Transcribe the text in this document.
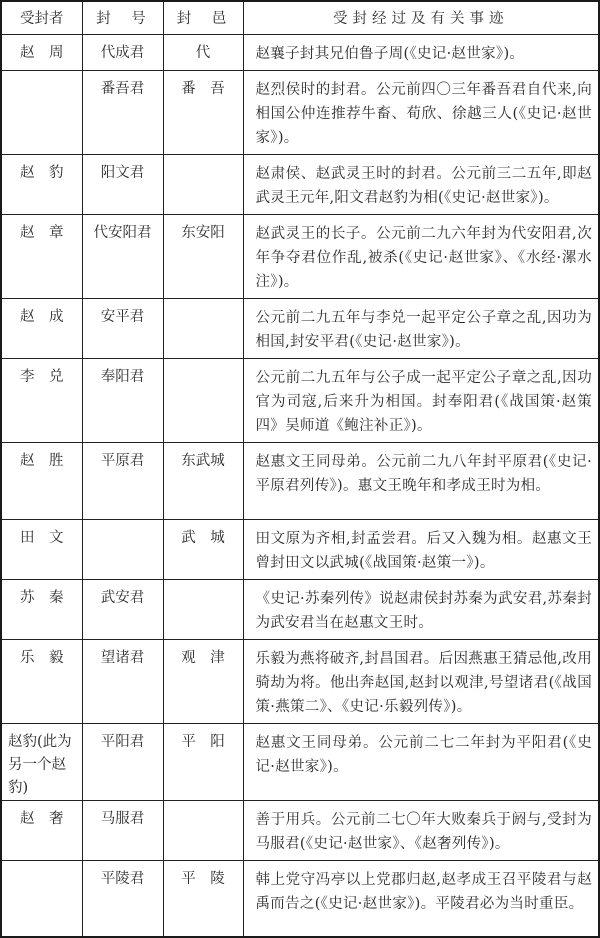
受封者	封　号	封　邑	受封经过及有关事迹
赵　周	代成君	代	赵襄子封其兄伯鲁子周(《史记·赵世家》)。
	番吾君	番　吾	赵烈侯时的封君。公元前四〇三年番吾君自代来,向相国公仲连推荐牛畜、荀欣、徐越三人(《史记·赵世家》)。
赵　豹	阳文君		赵肃侯、赵武灵王时的封君。公元前三二五年,即赵武灵王元年,阳文君赵豹为相(《史记·赵世家》)。
赵　章	代安阳君	东安阳	赵武灵王的长子。公元前二九六年封为代安阳君,次年争夺君位作乱,被杀(《史记·赵世家》、《水经·漯水注》)。
赵　成	安平君		公元前二九五年与李兑一起平定公子章之乱,因功为相国,封安平君(《史记·赵世家》)。
李　兑	奉阳君		公元前二九五年与公子成一起平定公子章之乱,因功官为司寇,后来升为相国。封奉阳君(《战国策·赵策四》吴师道《鲍注补正》)。
赵　胜	平原君	东武城	赵惠文王同母弟。公元前二九八年封平原君(《史记·平原君列传》)。惠文王晚年和孝成王时为相。
田　文		武　城	田文原为齐相,封孟尝君。后又入魏为相。赵惠文王曾封田文以武城(《战国策·赵策一》)。
苏　秦	武安君		《史记·苏秦列传》说赵肃侯封苏秦为武安君,苏秦封为武安君当在赵惠文王时。
乐　毅	望诸君	观　津	乐毅为燕将破齐,封昌国君。后因燕惠王猜忌他,改用骑劫为将。他出奔赵国,赵封以观津,号望诸君(《战国策·燕策二》、《史记·乐毅列传》)。
赵豹(此为另一个赵豹)	平阳君	平　阳	赵惠文王同母弟。公元前二七二年封为平阳君(《史记·赵世家》)。
赵　奢	马服君		善于用兵。公元前二七〇年大败秦兵于阏与,受封为马服君(《史记·赵世家》、《赵奢列传》)。
	平陵君	平　陵	韩上党守冯亭以上党郡归赵,赵孝成王召平陵君与赵禹而告之(《史记·赵世家》)。平陵君必为当时重臣。
